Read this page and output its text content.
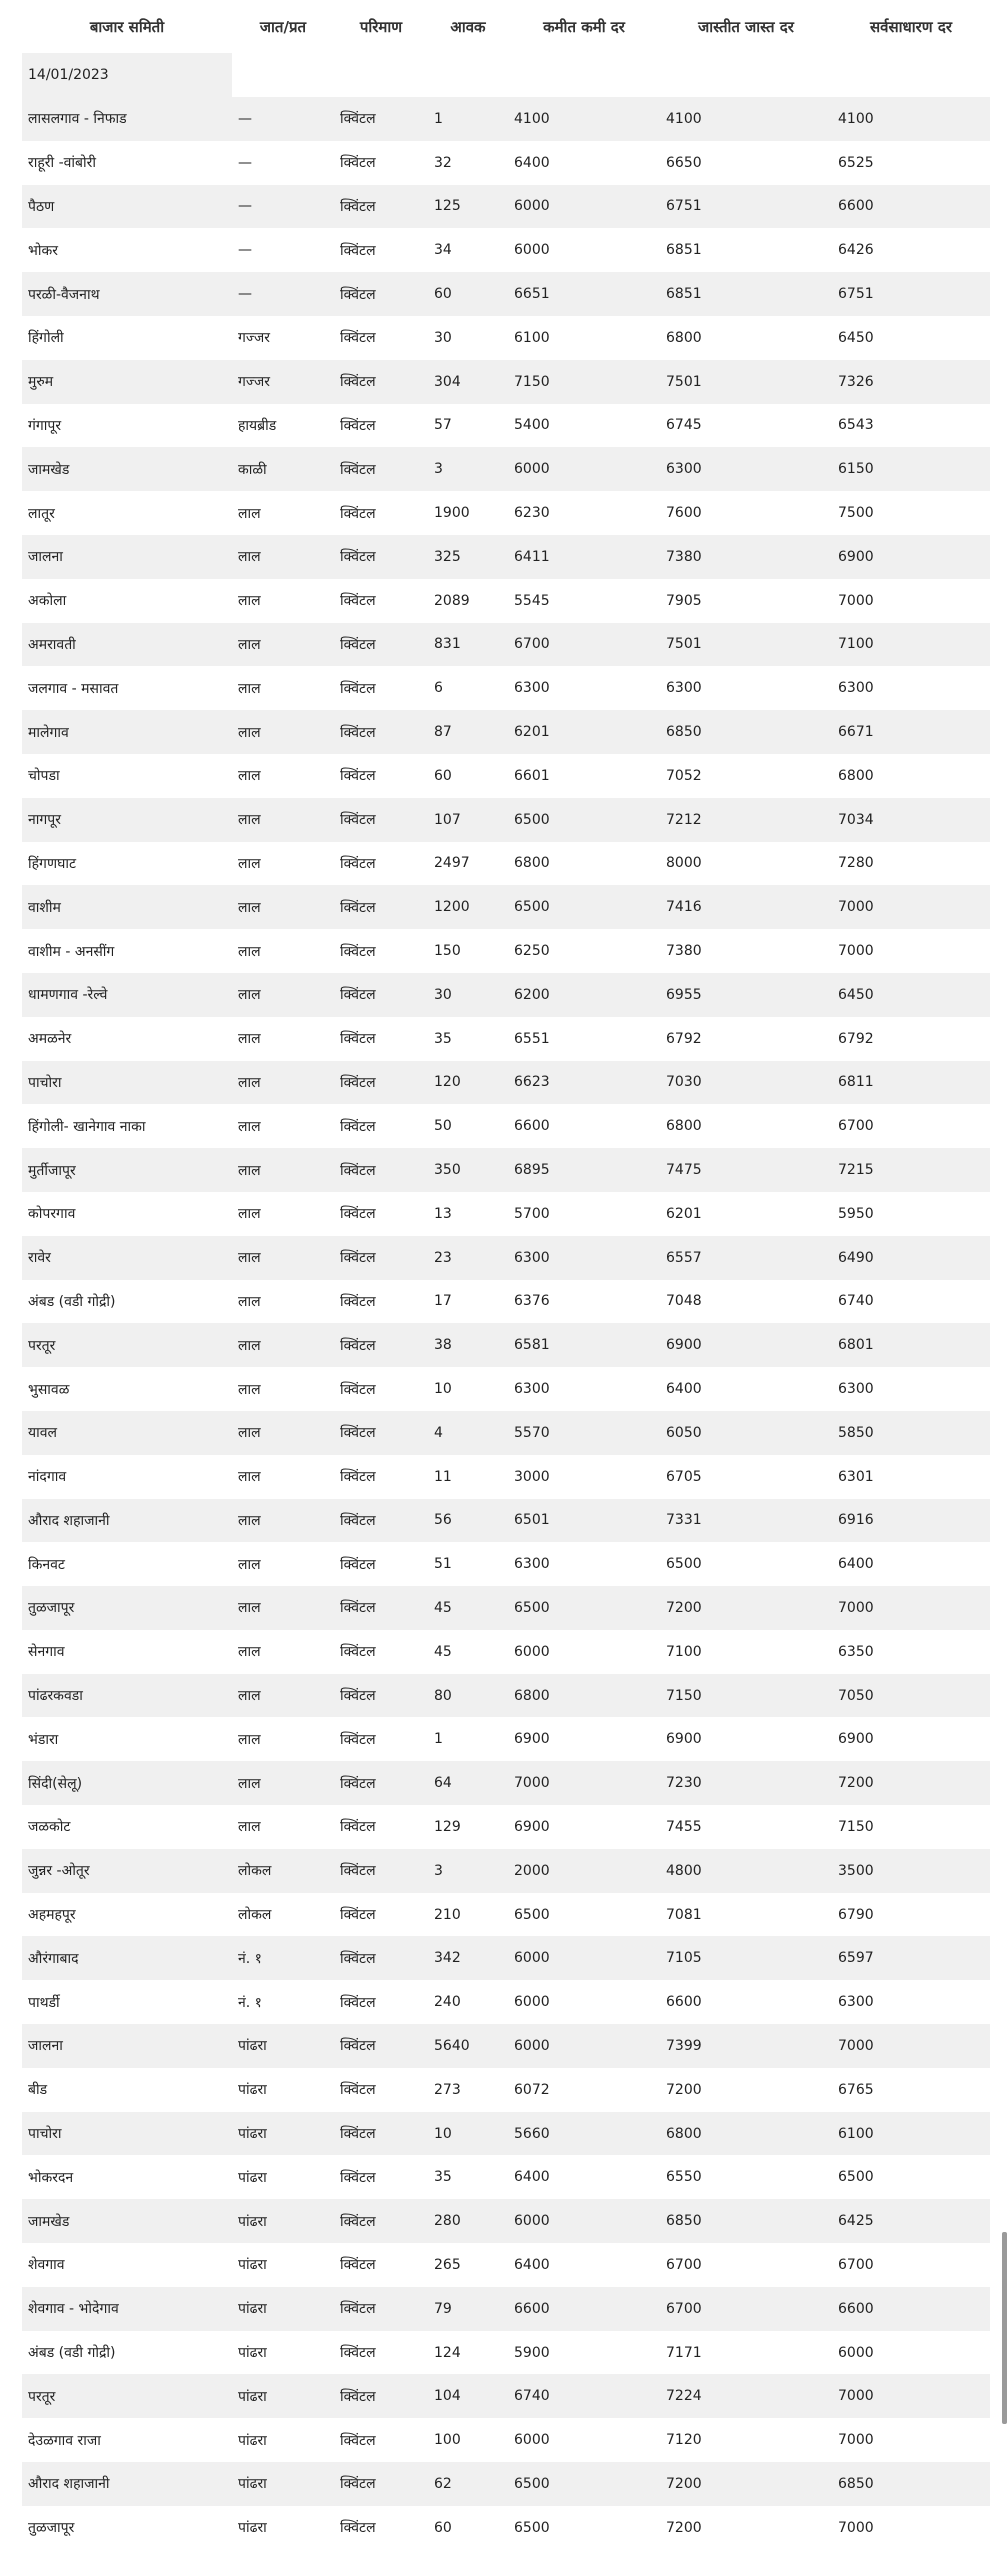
बाजार समिती	जात/प्रत	परिमाण	आवक	कमीत कमी दर	जास्तीत जास्त दर	सर्वसाधारण दर
14/01/2023						
लासलगाव - निफाड	—	क्विंटल	1	4100	4100	4100
राहूरी -वांबोरी	—	क्विंटल	32	6400	6650	6525
पैठण	—	क्विंटल	125	6000	6751	6600
भोकर	—	क्विंटल	34	6000	6851	6426
परळी-वैजनाथ	—	क्विंटल	60	6651	6851	6751
हिंगोली	गज्जर	क्विंटल	30	6100	6800	6450
मुरुम	गज्जर	क्विंटल	304	7150	7501	7326
गंगापूर	हायब्रीड	क्विंटल	57	5400	6745	6543
जामखेड	काळी	क्विंटल	3	6000	6300	6150
लातूर	लाल	क्विंटल	1900	6230	7600	7500
जालना	लाल	क्विंटल	325	6411	7380	6900
अकोला	लाल	क्विंटल	2089	5545	7905	7000
अमरावती	लाल	क्विंटल	831	6700	7501	7100
जलगाव - मसावत	लाल	क्विंटल	6	6300	6300	6300
मालेगाव	लाल	क्विंटल	87	6201	6850	6671
चोपडा	लाल	क्विंटल	60	6601	7052	6800
नागपूर	लाल	क्विंटल	107	6500	7212	7034
हिंगणघाट	लाल	क्विंटल	2497	6800	8000	7280
वाशीम	लाल	क्विंटल	1200	6500	7416	7000
वाशीम - अनसींग	लाल	क्विंटल	150	6250	7380	7000
धामणगाव -रेल्वे	लाल	क्विंटल	30	6200	6955	6450
अमळनेर	लाल	क्विंटल	35	6551	6792	6792
पाचोरा	लाल	क्विंटल	120	6623	7030	6811
हिंगोली- खानेगाव नाका	लाल	क्विंटल	50	6600	6800	6700
मुर्तीजापूर	लाल	क्विंटल	350	6895	7475	7215
कोपरगाव	लाल	क्विंटल	13	5700	6201	5950
रावेर	लाल	क्विंटल	23	6300	6557	6490
अंबड (वडी गोद्री)	लाल	क्विंटल	17	6376	7048	6740
परतूर	लाल	क्विंटल	38	6581	6900	6801
भुसावळ	लाल	क्विंटल	10	6300	6400	6300
यावल	लाल	क्विंटल	4	5570	6050	5850
नांदगाव	लाल	क्विंटल	11	3000	6705	6301
औराद शहाजानी	लाल	क्विंटल	56	6501	7331	6916
किनवट	लाल	क्विंटल	51	6300	6500	6400
तुळजापूर	लाल	क्विंटल	45	6500	7200	7000
सेनगाव	लाल	क्विंटल	45	6000	7100	6350
पांढरकवडा	लाल	क्विंटल	80	6800	7150	7050
भंडारा	लाल	क्विंटल	1	6900	6900	6900
सिंदी(सेलू)	लाल	क्विंटल	64	7000	7230	7200
जळकोट	लाल	क्विंटल	129	6900	7455	7150
जुन्नर -ओतूर	लोकल	क्विंटल	3	2000	4800	3500
अहमहपूर	लोकल	क्विंटल	210	6500	7081	6790
औरंगाबाद	नं. १	क्विंटल	342	6000	7105	6597
पाथर्डी	नं. १	क्विंटल	240	6000	6600	6300
जालना	पांढरा	क्विंटल	5640	6000	7399	7000
बीड	पांढरा	क्विंटल	273	6072	7200	6765
पाचोरा	पांढरा	क्विंटल	10	5660	6800	6100
भोकरदन	पांढरा	क्विंटल	35	6400	6550	6500
जामखेड	पांढरा	क्विंटल	280	6000	6850	6425
शेवगाव	पांढरा	क्विंटल	265	6400	6700	6700
शेवगाव - भोदेगाव	पांढरा	क्विंटल	79	6600	6700	6600
अंबड (वडी गोद्री)	पांढरा	क्विंटल	124	5900	7171	6000
परतूर	पांढरा	क्विंटल	104	6740	7224	7000
देउळगाव राजा	पांढरा	क्विंटल	100	6000	7120	7000
औराद शहाजानी	पांढरा	क्विंटल	62	6500	7200	6850
तुळजापूर	पांढरा	क्विंटल	60	6500	7200	7000
